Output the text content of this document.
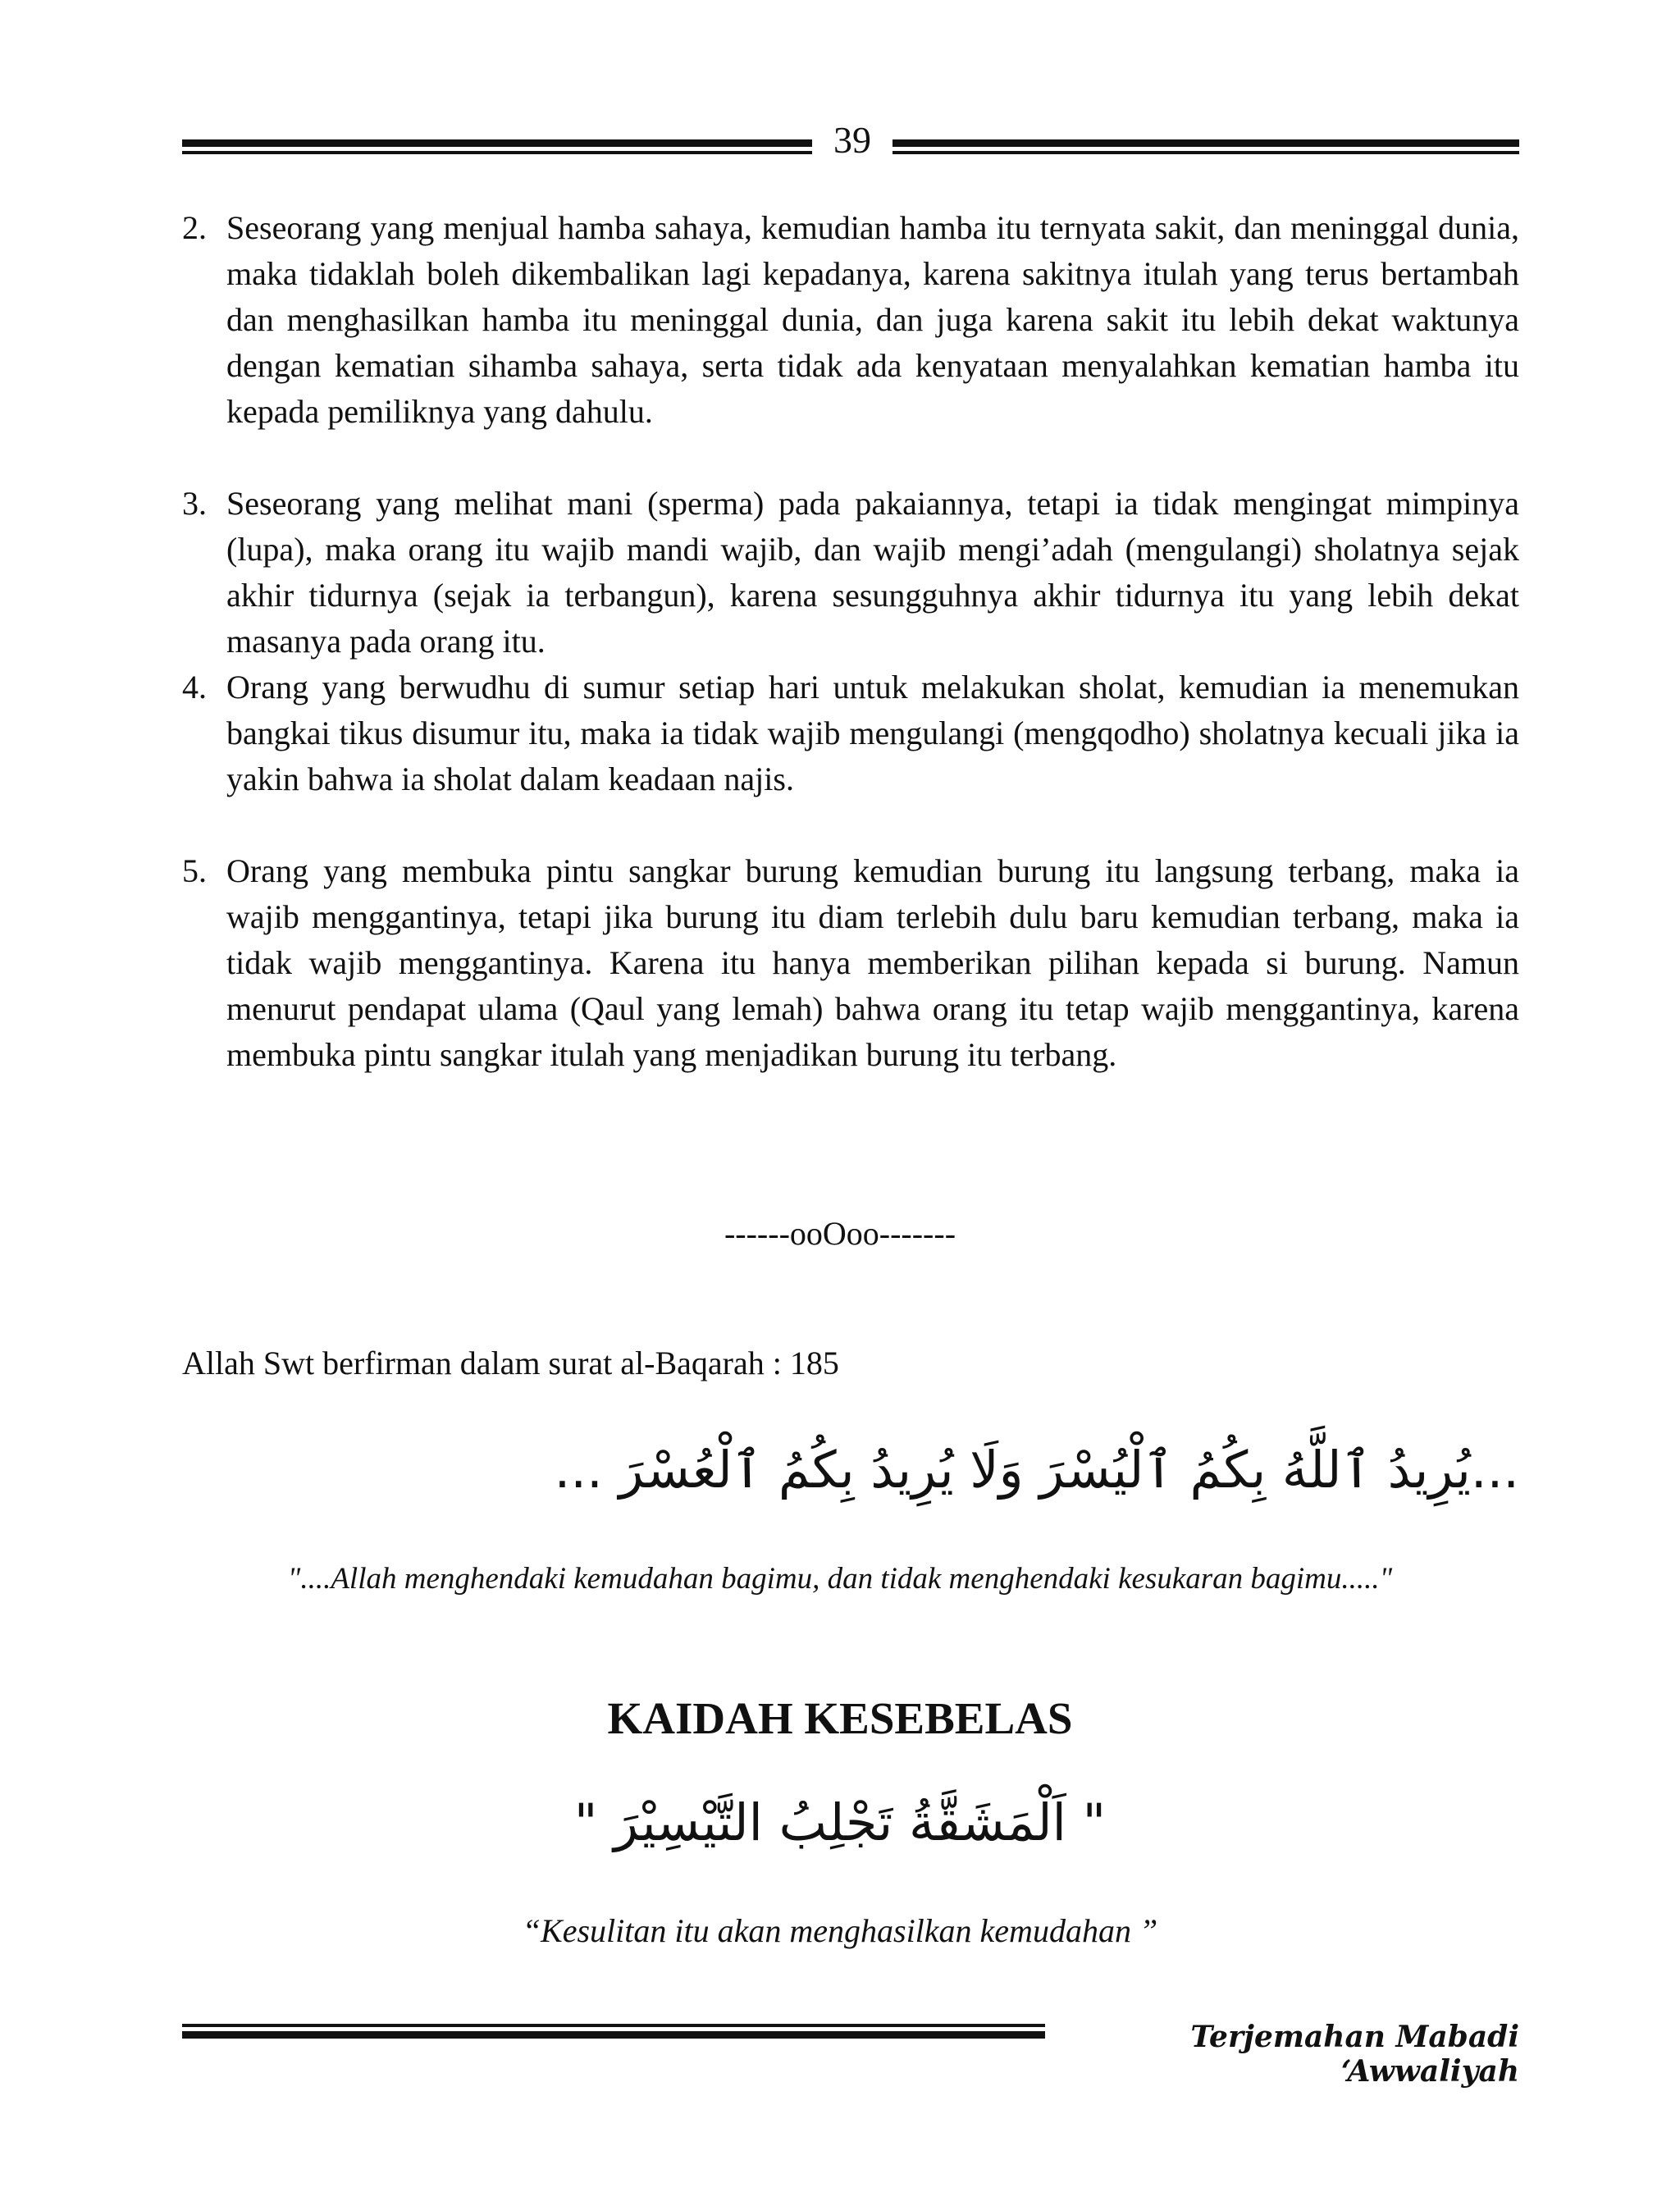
39
2. Seseorang yang menjual hamba sahaya, kemudian hamba itu ternyata sakit, dan meninggal dunia, maka tidaklah boleh dikembalikan lagi kepadanya, karena sakitnya itulah yang terus bertambah dan menghasilkan hamba itu meninggal dunia, dan juga karena sakit itu lebih dekat waktunya dengan kematian sihamba sahaya, serta tidak ada kenyataan menyalahkan kematian hamba itu kepada pemiliknya yang dahulu.
3. Seseorang yang melihat mani (sperma) pada pakaiannya, tetapi ia tidak mengingat mimpinya (lupa), maka orang itu wajib mandi wajib, dan wajib mengi’adah (mengulangi) sholatnya sejak akhir tidurnya (sejak ia terbangun), karena sesungguhnya akhir tidurnya itu yang lebih dekat masanya pada orang itu.
4. Orang yang berwudhu di sumur setiap hari untuk melakukan sholat, kemudian ia menemukan bangkai tikus disumur itu, maka ia tidak wajib mengulangi (mengqodho) sholatnya kecuali jika ia yakin bahwa ia sholat dalam keadaan najis.
5. Orang yang membuka pintu sangkar burung kemudian burung itu langsung terbang, maka ia wajib menggantinya, tetapi jika burung itu diam terlebih dulu baru kemudian terbang, maka ia tidak wajib menggantinya. Karena itu hanya memberikan pilihan kepada si burung. Namun menurut pendapat ulama (Qaul yang lemah) bahwa orang itu tetap wajib menggantinya, karena membuka pintu sangkar itulah yang menjadikan burung itu terbang.
------ooOoo-------
Allah Swt berfirman dalam surat al-Baqarah : 185
...يُرِيدُ ٱللَّهُ بِكُمُ ٱلْيُسْرَ وَلَا يُرِيدُ بِكُمُ ٱلْعُسْرَ ...
"....Allah menghendaki kemudahan bagimu, dan tidak menghendaki kesukaran bagimu....."
KAIDAH KESEBELAS
" اَلْمَشَقَّةُ تَجْلِبُ التَّيْسِيْرَ "
“Kesulitan itu akan menghasilkan kemudahan ”
Terjemahan Mabadi ‘Awwaliyah
